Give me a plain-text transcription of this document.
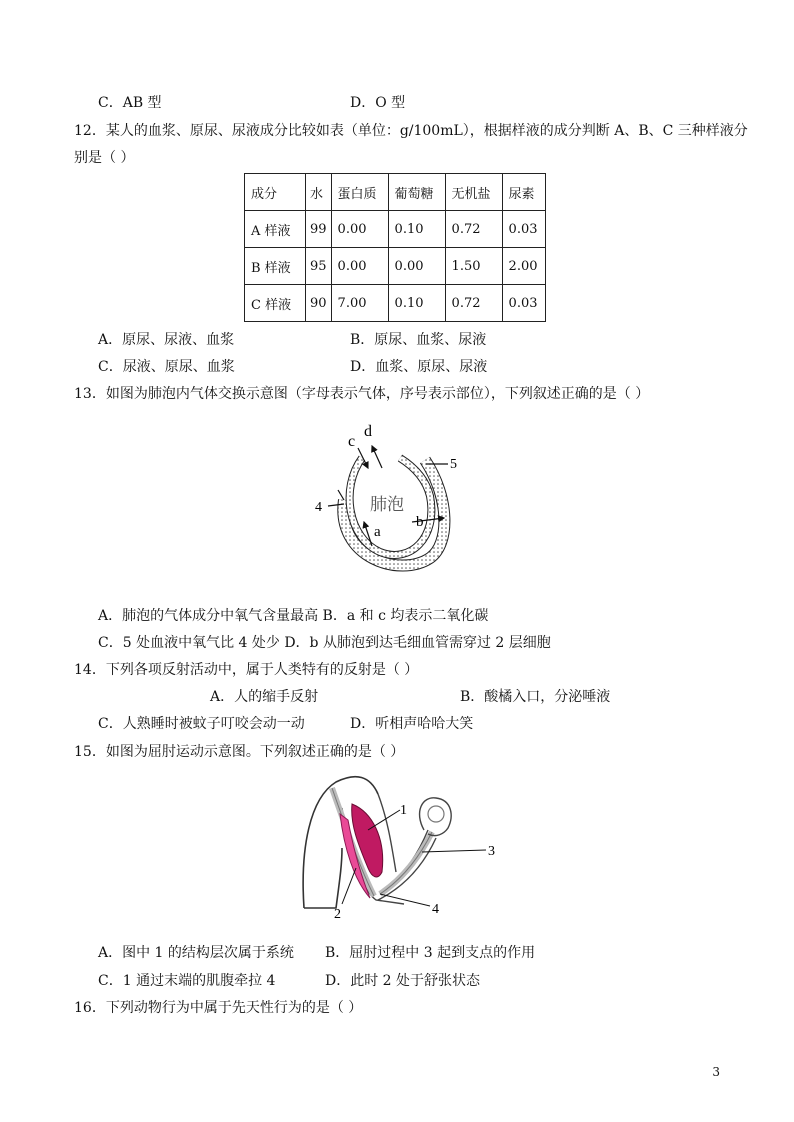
C．AB 型	D．O 型
12．某人的血浆、原尿、尿液成分比较如表（单位：g/100mL），根据样液的成分判断 A、B、C 三种样液分
别是（ ）
成分	水	蛋白质	葡萄糖	无机盐	尿素
A 样液	99	0.00	0.10	0.72	0.03
B 样液	95	0.00	0.00	1.50	2.00
C 样液	90	7.00	0.10	0.72	0.03
A．原尿、尿液、血浆	B．原尿、血浆、尿液
C．尿液、原尿、血浆	D．血浆、原尿、尿液
13．如图为肺泡内气体交换示意图（字母表示气体，序号表示部位），下列叙述正确的是（ ）
c
d
5
4	肺泡
b
a
A．肺泡的气体成分中氧气含量最高 B．a 和 c 均表示二氧化碳
C．5 处血液中氧气比 4 处少 D．b 从肺泡到达毛细血管需穿过 2 层细胞
14．下列各项反射活动中，属于人类特有的反射是（ ）
A．人的缩手反射	B．酸橘入口，分泌唾液
C．人熟睡时被蚊子叮咬会动一动	D．听相声哈哈大笑
15．如图为屈肘运动示意图。下列叙述正确的是（ ）
1
2
3
4
A．图中 1 的结构层次属于系统 B．屈肘过程中 3 起到支点的作用
C．1 通过末端的肌腹牵拉 4	D．此时 2 处于舒张状态
16．下列动物行为中属于先天性行为的是（ ）
3
